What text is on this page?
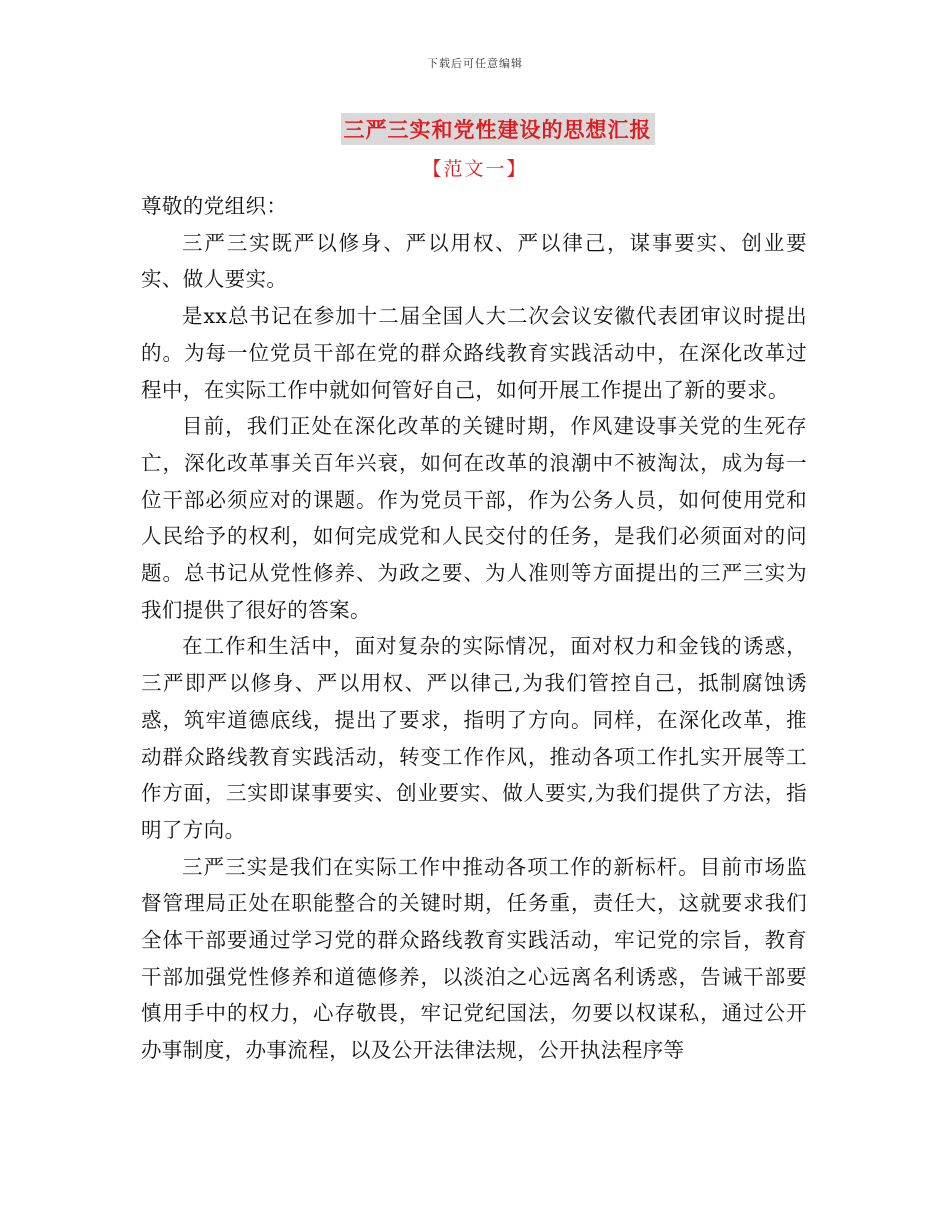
下载后可任意编辑
三严三实和党性建设的思想汇报
【范文一】

尊敬的党组织：

三严三实既严以修身、严以用权、严以律己，谋事要实、创业要实、做人要实。

是xx总书记在参加十二届全国人大二次会议安徽代表团审议时提出的。为每一位党员干部在党的群众路线教育实践活动中，在深化改革过程中，在实际工作中就如何管好自己，如何开展工作提出了新的要求。

目前，我们正处在深化改革的关键时期，作风建设事关党的生死存亡，深化改革事关百年兴衰，如何在改革的浪潮中不被淘汰，成为每一位干部必须应对的课题。作为党员干部，作为公务人员，如何使用党和人民给予的权利，如何完成党和人民交付的任务，是我们必须面对的问题。总书记从党性修养、为政之要、为人准则等方面提出的三严三实为我们提供了很好的答案。

在工作和生活中，面对复杂的实际情况，面对权力和金钱的诱惑，三严即严以修身、严以用权、严以律己,为我们管控自己，抵制腐蚀诱惑，筑牢道德底线，提出了要求，指明了方向。同样，在深化改革，推动群众路线教育实践活动，转变工作作风，推动各项工作扎实开展等工作方面，三实即谋事要实、创业要实、做人要实,为我们提供了方法，指明了方向。

三严三实是我们在实际工作中推动各项工作的新标杆。目前市场监督管理局正处在职能整合的关键时期，任务重，责任大，这就要求我们全体干部要通过学习党的群众路线教育实践活动，牢记党的宗旨，教育干部加强党性修养和道德修养，以淡泊之心远离名利诱惑，告诫干部要慎用手中的权力，心存敬畏，牢记党纪国法，勿要以权谋私，通过公开办事制度，办事流程，以及公开法律法规，公开执法程序等
